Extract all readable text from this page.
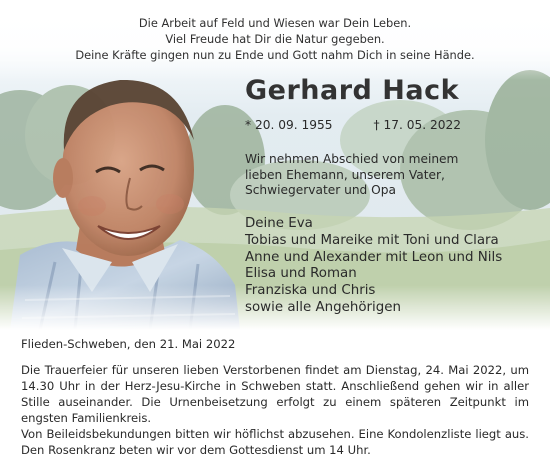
Die Arbeit auf Feld und Wiesen war Dein Leben.
Viel Freude hat Dir die Natur gegeben.
Deine Kräfte gingen nun zu Ende und Gott nahm Dich in seine Hände.
Gerhard Hack
* 20. 09. 1955	† 17. 05. 2022
Wir nehmen Abschied von meinem
lieben Ehemann, unserem Vater,
Schwiegervater und Opa
Deine Eva
Tobias und Mareike mit Toni und Clara
Anne und Alexander mit Leon und Nils
Elisa und Roman
Franziska und Chris
sowie alle Angehörigen
Flieden-Schweben, den 21. Mai 2022

Die Trauerfeier für unseren lieben Verstorbenen findet am Dienstag, 24. Mai 2022, um 14.30 Uhr in der Herz-Jesu-Kirche in Schweben statt. Anschließend gehen wir in aller Stille auseinander. Die Urnenbeisetzung erfolgt zu einem späteren Zeitpunkt im engsten Familienkreis.

Von Beileidsbekundungen bitten wir höflichst abzusehen. Eine Kondolenzliste liegt aus. Den Rosenkranz beten wir vor dem Gottesdienst um 14 Uhr.
